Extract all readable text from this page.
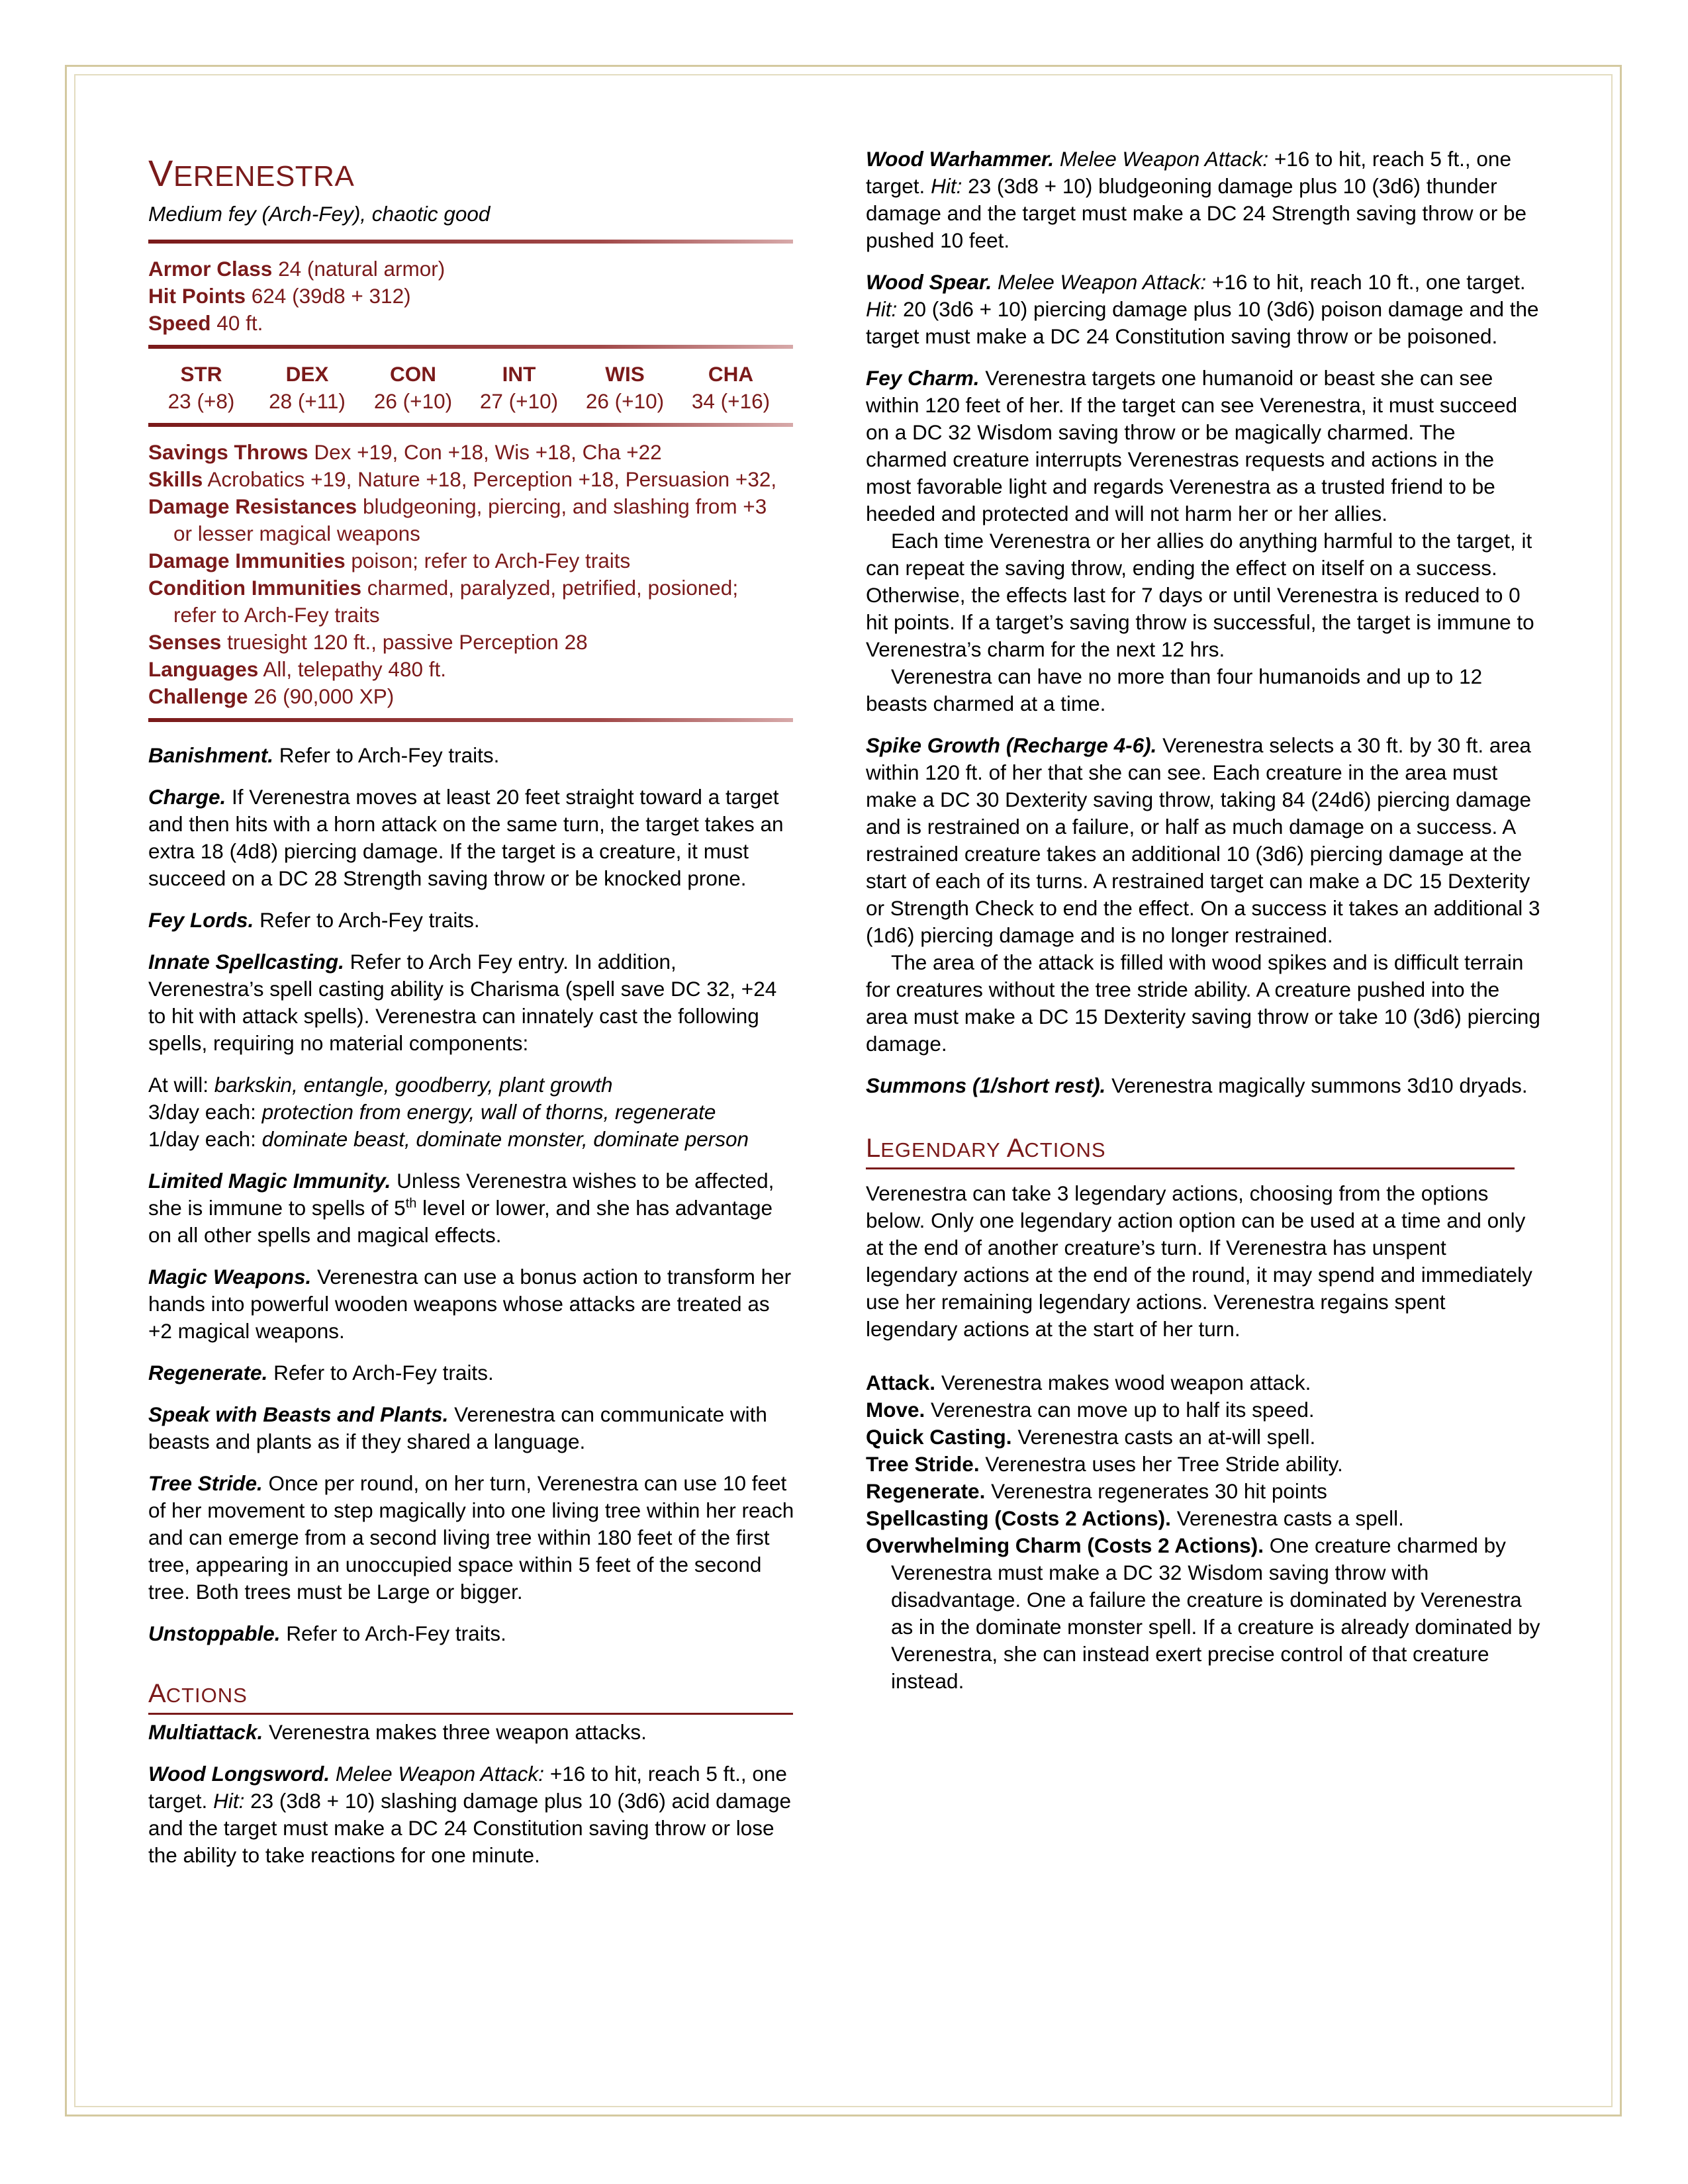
VERENESTRA

Medium fey (Arch-Fey), chaotic good

Armor Class 24 (natural armor)

Hit Points 624 (39d8 + 312)

Speed 40 ft.

STR	DEX	CON	INT	WIS	CHA
23 (+8)	28 (+11)	26 (+10)	27 (+10)	26 (+10)	34 (+16)

Savings Throws Dex +19, Con +18, Wis +18, Cha +22

Skills Acrobatics +19, Nature +18, Perception +18, Persuasion +32,

Damage Resistances bludgeoning, piercing, and slashing from +3

or lesser magical weapons

Damage Immunities poison; refer to Arch-Fey traits

Condition Immunities charmed, paralyzed, petrified, posioned;

refer to Arch-Fey traits

Senses truesight 120 ft., passive Perception 28

Languages All, telepathy 480 ft.

Challenge 26 (90,000 XP)

Banishment. Refer to Arch-Fey traits.

Charge. If Verenestra moves at least 20 feet straight toward a target and then hits with a horn attack on the same turn, the target takes an extra 18 (4d8) piercing damage. If the target is a creature, it must succeed on a DC 28 Strength saving throw or be knocked prone.

Fey Lords. Refer to Arch-Fey traits.

Innate Spellcasting. Refer to Arch Fey entry. In addition, Verenestra’s spell casting ability is Charisma (spell save DC 32, +24 to hit with attack spells). Verenestra can innately cast the following spells, requiring no material components:

At will: barkskin, entangle, goodberry, plant growth

3/day each: protection from energy, wall of thorns, regenerate

1/day each: dominate beast, dominate monster, dominate person

Limited Magic Immunity. Unless Verenestra wishes to be affected, she is immune to spells of 5th level or lower, and she has advantage on all other spells and magical effects.

Magic Weapons. Verenestra can use a bonus action to transform her hands into powerful wooden weapons whose attacks are treated as +2 magical weapons.

Regenerate. Refer to Arch-Fey traits.

Speak with Beasts and Plants. Verenestra can communicate with beasts and plants as if they shared a language.

Tree Stride. Once per round, on her turn, Verenestra can use 10 feet of her movement to step magically into one living tree within her reach and can emerge from a second living tree within 180 feet of the first tree, appearing in an unoccupied space within 5 feet of the second tree. Both trees must be Large or bigger.

Unstoppable. Refer to Arch-Fey traits.

ACTIONS

Multiattack. Verenestra makes three weapon attacks.

Wood Longsword. Melee Weapon Attack: +16 to hit, reach 5 ft., one target. Hit: 23 (3d8 + 10) slashing damage plus 10 (3d6) acid damage and the target must make a DC 24 Constitution saving throw or lose the ability to take reactions for one minute.

Wood Warhammer. Melee Weapon Attack: +16 to hit, reach 5 ft., one target. Hit: 23 (3d8 + 10) bludgeoning damage plus 10 (3d6) thunder damage and the target must make a DC 24 Strength saving throw or be pushed 10 feet.

Wood Spear. Melee Weapon Attack: +16 to hit, reach 10 ft., one target. Hit: 20 (3d6 + 10) piercing damage plus 10 (3d6) poison damage and the target must make a DC 24 Constitution saving throw or be poisoned.

Fey Charm. Verenestra targets one humanoid or beast she can see within 120 feet of her. If the target can see Verenestra, it must succeed on a DC 32 Wisdom saving throw or be magically charmed. The charmed creature interrupts Verenestras requests and actions in the most favorable light and regards Verenestra as a trusted friend to be heeded and protected and will not harm her or her allies.

Each time Verenestra or her allies do anything harmful to the target, it can repeat the saving throw, ending the effect on itself on a success. Otherwise, the effects last for 7 days or until Verenestra is reduced to 0 hit points. If a target’s saving throw is successful, the target is immune to Verenestra’s charm for the next 12 hrs.

Verenestra can have no more than four humanoids and up to 12 beasts charmed at a time.

Spike Growth (Recharge 4-6). Verenestra selects a 30 ft. by 30 ft. area within 120 ft. of her that she can see. Each creature in the area must make a DC 30 Dexterity saving throw, taking 84 (24d6) piercing damage and is restrained on a failure, or half as much damage on a success. A restrained creature takes an additional 10 (3d6) piercing damage at the start of each of its turns. A restrained target can make a DC 15 Dexterity or Strength Check to end the effect. On a success it takes an additional 3 (1d6) piercing damage and is no longer restrained.

The area of the attack is filled with wood spikes and is difficult terrain for creatures without the tree stride ability. A creature pushed into the area must make a DC 15 Dexterity saving throw or take 10 (3d6) piercing damage.

Summons (1/short rest). Verenestra magically summons 3d10 dryads.

LEGENDARY ACTIONS

Verenestra can take 3 legendary actions, choosing from the options below. Only one legendary action option can be used at a time and only at the end of another creature’s turn. If Verenestra has unspent legendary actions at the end of the round, it may spend and immediately use her remaining legendary actions. Verenestra regains spent legendary actions at the start of her turn.

Attack. Verenestra makes wood weapon attack.

Move. Verenestra can move up to half its speed.

Quick Casting. Verenestra casts an at-will spell.

Tree Stride. Verenestra uses her Tree Stride ability.

Regenerate. Verenestra regenerates 30 hit points

Spellcasting (Costs 2 Actions). Verenestra casts a spell.

Overwhelming Charm (Costs 2 Actions). One creature charmed by Verenestra must make a DC 32 Wisdom saving throw with disadvantage. One a failure the creature is dominated by Verenestra as in the dominate monster spell. If a creature is already dominated by Verenestra, she can instead exert precise control of that creature instead.
